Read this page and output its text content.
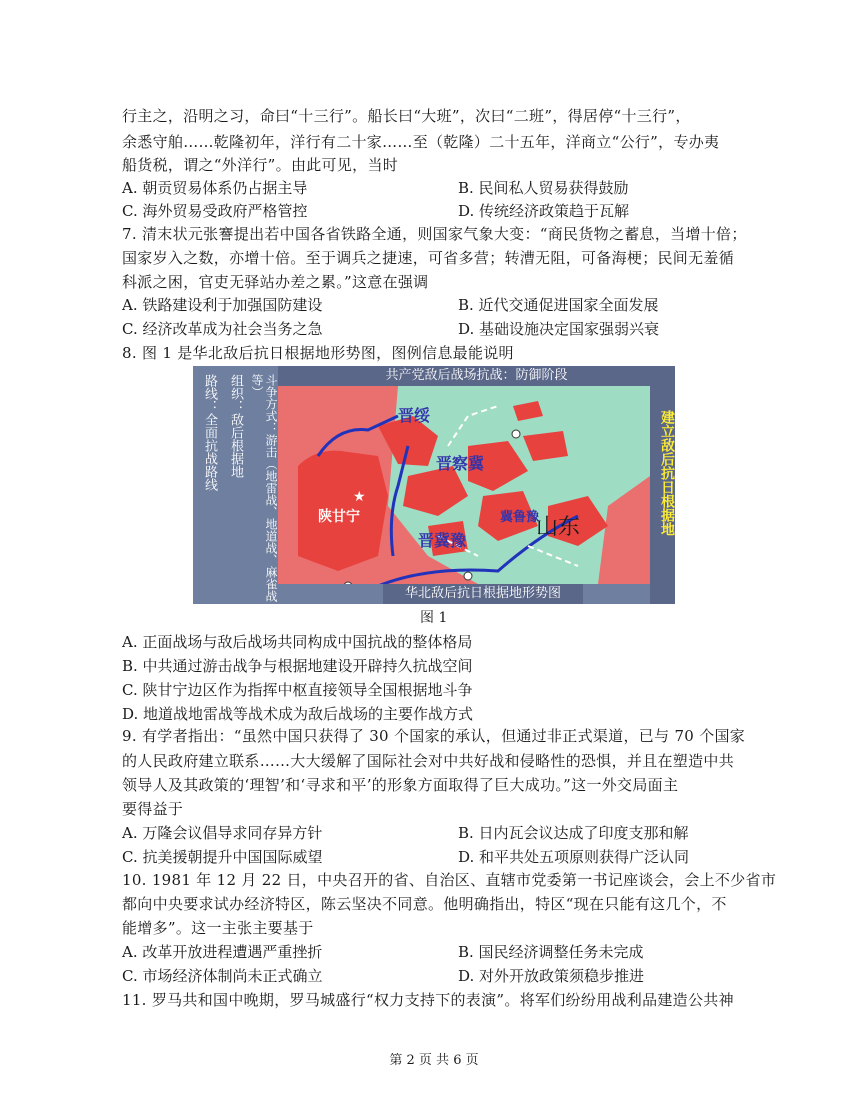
行主之，沿明之习，命曰“十三行”。船长曰“大班”，次曰“二班”，得居停“十三行”，
余悉守舶……乾隆初年，洋行有二十家……至（乾隆）二十五年，洋商立“公行”，专办夷
船货税，谓之“外洋行”。由此可见，当时
A. 朝贡贸易体系仍占据主导	B. 民间私人贸易获得鼓励
C. 海外贸易受政府严格管控	D. 传统经济政策趋于瓦解
7. 清末状元张謇提出若中国各省铁路全通，则国家气象大变：“商民货物之蓄息，当增十倍；
国家岁入之数，亦增十倍。至于调兵之捷速，可省多营；转漕无阻，可备海梗；民间无羞循
科派之困，官吏无驿站办差之累。”这意在强调
A. 铁路建设利于加强国防建设	B. 近代交通促进国家全面发展
C. 经济改革成为社会当务之急	D. 基础设施决定国家强弱兴衰
8. 图 1 是华北敌后抗日根据地形势图，图例信息最能说明
路线：全面抗战路线 组织：敌后根据地	斗争方式：游击（地雷战、地道战、麻雀战等）	共产党敌后战场抗战：防御阶段
★
晋绥
晋察冀
陕甘宁
晋冀豫
冀鲁豫
山东
华北敌后抗日根据地形势图
建立敌后抗日根据地
图 1
A. 正面战场与敌后战场共同构成中国抗战的整体格局
B. 中共通过游击战争与根据地建设开辟持久抗战空间
C. 陕甘宁边区作为指挥中枢直接领导全国根据地斗争
D. 地道战地雷战等战术成为敌后战场的主要作战方式
9. 有学者指出：“虽然中国只获得了 30 个国家的承认，但通过非正式渠道，已与 70 个国家
的人民政府建立联系……大大缓解了国际社会对中共好战和侵略性的恐惧，并且在塑造中共
领导人及其政策的‘理智’和‘寻求和平’的形象方面取得了巨大成功。”这一外交局面主
要得益于
A. 万隆会议倡导求同存异方针	B. 日内瓦会议达成了印度支那和解
C. 抗美援朝提升中国国际威望	D. 和平共处五项原则获得广泛认同
10. 1981 年 12 月 22 日，中央召开的省、自治区、直辖市党委第一书记座谈会，会上不少省市
都向中央要求试办经济特区，陈云坚决不同意。他明确指出，特区“现在只能有这几个，不
能增多”。这一主张主要基于
A. 改革开放进程遭遇严重挫折	B. 国民经济调整任务未完成
C. 市场经济体制尚未正式确立	D. 对外开放政策须稳步推进
11. 罗马共和国中晚期，罗马城盛行“权力支持下的表演”。将军们纷纷用战利品建造公共神
第 2 页 共 6 页
